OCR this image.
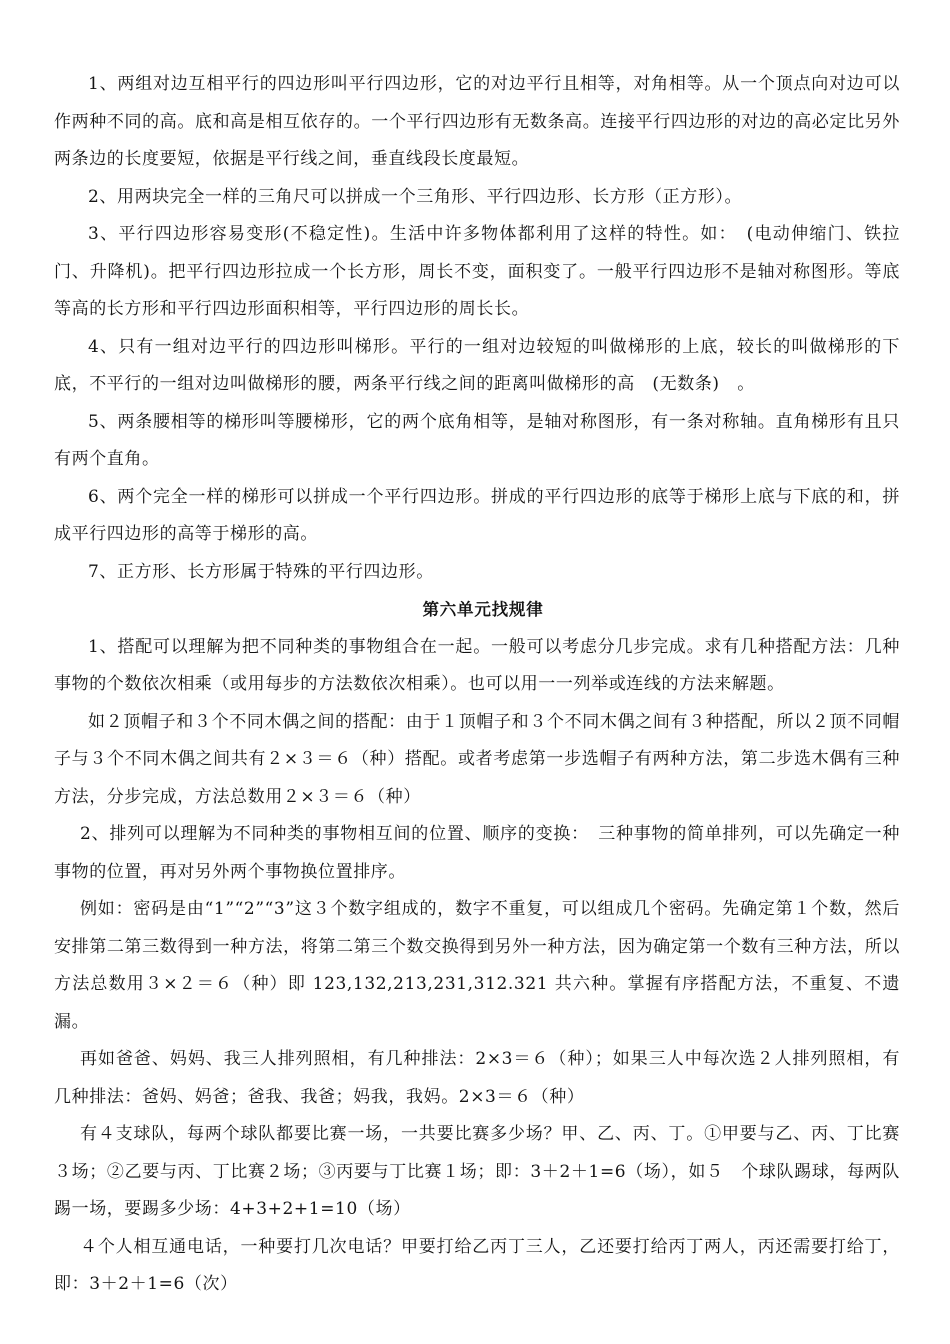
1、两组对边互相平行的四边形叫平行四边形，它的对边平行且相等，对角相等。从一个顶点向对边可以作两种不同的高。底和高是相互依存的。一个平行四边形有无数条高。连接平行四边形的对边的高必定比另外两条边的长度要短，依据是平行线之间，垂直线段长度最短。

2、用两块完全一样的三角尺可以拼成一个三角形、平行四边形、长方形（正方形）。

3、平行四边形容易变形(不稳定性)。生活中许多物体都利用了这样的特性。如：　(电动伸缩门、铁拉门、升降机)。把平行四边形拉成一个长方形，周长不变，面积变了。一般平行四边形不是轴对称图形。等底等高的长方形和平行四边形面积相等，平行四边形的周长长。

4、只有一组对边平行的四边形叫梯形。平行的一组对边较短的叫做梯形的上底，较长的叫做梯形的下底，不平行的一组对边叫做梯形的腰，两条平行线之间的距离叫做梯形的高　(无数条)　。

5、两条腰相等的梯形叫等腰梯形，它的两个底角相等，是轴对称图形，有一条对称轴。直角梯形有且只有两个直角。

6、两个完全一样的梯形可以拼成一个平行四边形。拼成的平行四边形的底等于梯形上底与下底的和，拼成平行四边形的高等于梯形的高。

7、正方形、长方形属于特殊的平行四边形。

第六单元找规律

1、搭配可以理解为把不同种类的事物组合在一起。一般可以考虑分几步完成。求有几种搭配方法：几种事物的个数依次相乘（或用每步的方法数依次相乘）。也可以用一一列举或连线的方法来解题。

如２顶帽子和３个不同木偶之间的搭配：由于１顶帽子和３个不同木偶之间有３种搭配，所以２顶不同帽子与３个不同木偶之间共有２×３＝６（种）搭配。或者考虑第一步选帽子有两种方法，第二步选木偶有三种方法，分步完成，方法总数用２×３＝６（种）

2、排列可以理解为不同种类的事物相互间的位置、顺序的变换：　三种事物的简单排列，可以先确定一种事物的位置，再对另外两个事物换位置排序。

例如：密码是由“1”“2”“3”这３个数字组成的，数字不重复，可以组成几个密码。先确定第１个数，然后安排第二第三数得到一种方法，将第二第三个数交换得到另外一种方法，因为确定第一个数有三种方法，所以方法总数用３×２＝６（种）即 123,132,213,231,312.321 共六种。掌握有序搭配方法，不重复、不遗漏。

再如爸爸、妈妈、我三人排列照相，有几种排法：2×3＝６（种）；如果三人中每次选２人排列照相，有几种排法：爸妈、妈爸；爸我、我爸；妈我，我妈。2×3＝６（种）

有４支球队，每两个球队都要比赛一场，一共要比赛多少场？甲、乙、丙、丁。①甲要与乙、丙、丁比赛３场；②乙要与丙、丁比赛２场；③丙要与丁比赛１场；即：3＋2＋1=6（场），如５　个球队踢球，每两队踢一场，要踢多少场：4+3+2+1=10（场）

４个人相互通电话，一种要打几次电话？甲要打给乙丙丁三人，乙还要打给丙丁两人，丙还需要打给丁，即：3＋2＋1=6（次）
